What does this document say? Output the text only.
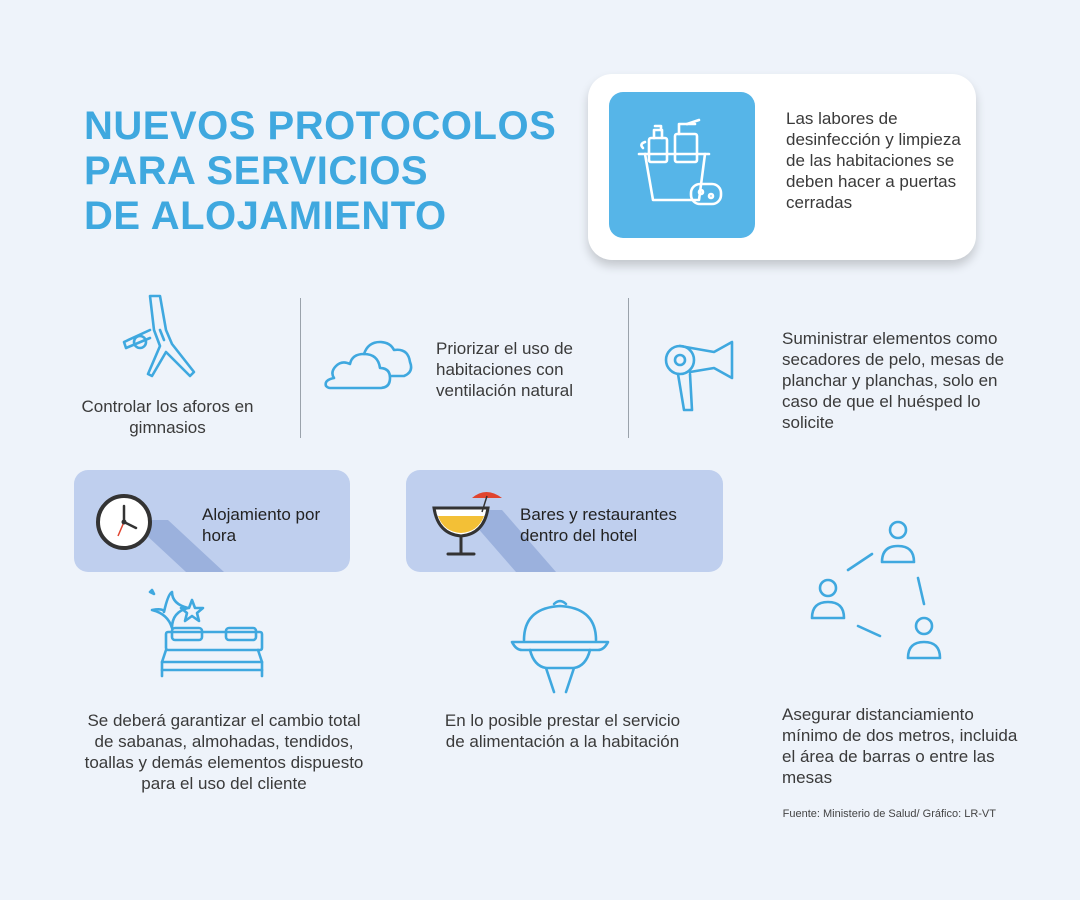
NUEVOS PROTOCOLOS
PARA SERVICIOS
DE ALOJAMIENTO
Las labores de desinfección y limpieza de las habitaciones se deben hacer a puertas cerradas
Controlar los aforos en gimnasios
Priorizar el uso de habitaciones con ventilación natural
Suministrar elementos como secadores de pelo, mesas de planchar y planchas, solo en caso de que el huésped lo solicite
Alojamiento por hora
Bares y restaurantes dentro del hotel
Se deberá garantizar el cambio total de sabanas, almohadas, tendidos, toallas y demás elementos dispuesto para el uso del cliente
En lo posible prestar el servicio de alimentación a la habitación
Asegurar distanciamiento mínimo de dos metros, incluida el área de barras o entre las mesas
Fuente: Ministerio de Salud/ Gráfico: LR-VT
